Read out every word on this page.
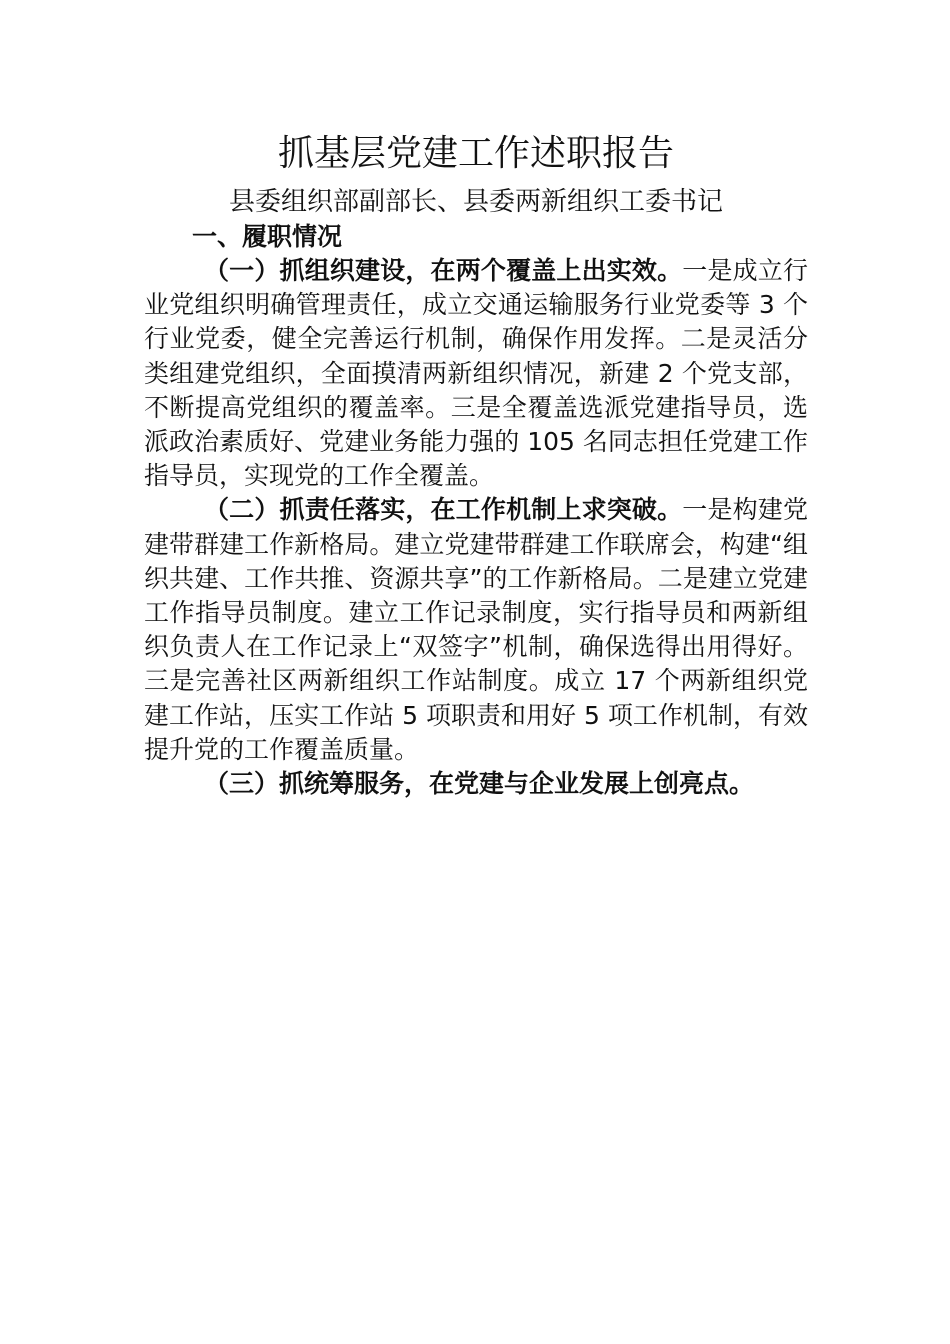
抓基层党建工作述职报告

县委组织部副部长、县委两新组织工委书记

一、履职情况

（一）抓组织建设，在两个覆盖上出实效。一是成立行业党组织明确管理责任，成立交通运输服务行业党委等 3 个行业党委，健全完善运行机制，确保作用发挥。二是灵活分类组建党组织，全面摸清两新组织情况，新建 2 个党支部，不断提高党组织的覆盖率。三是全覆盖选派党建指导员，选派政治素质好、党建业务能力强的 105 名同志担任党建工作指导员，实现党的工作全覆盖。

（二）抓责任落实，在工作机制上求突破。一是构建党建带群建工作新格局。建立党建带群建工作联席会，构建“组织共建、工作共推、资源共享”的工作新格局。二是建立党建工作指导员制度。建立工作记录制度，实行指导员和两新组织负责人在工作记录上“双签字”机制，确保选得出用得好。三是完善社区两新组织工作站制度。成立 17 个两新组织党建工作站，压实工作站 5 项职责和用好 5 项工作机制，有效提升党的工作覆盖质量。

（三）抓统筹服务，在党建与企业发展上创亮点。
